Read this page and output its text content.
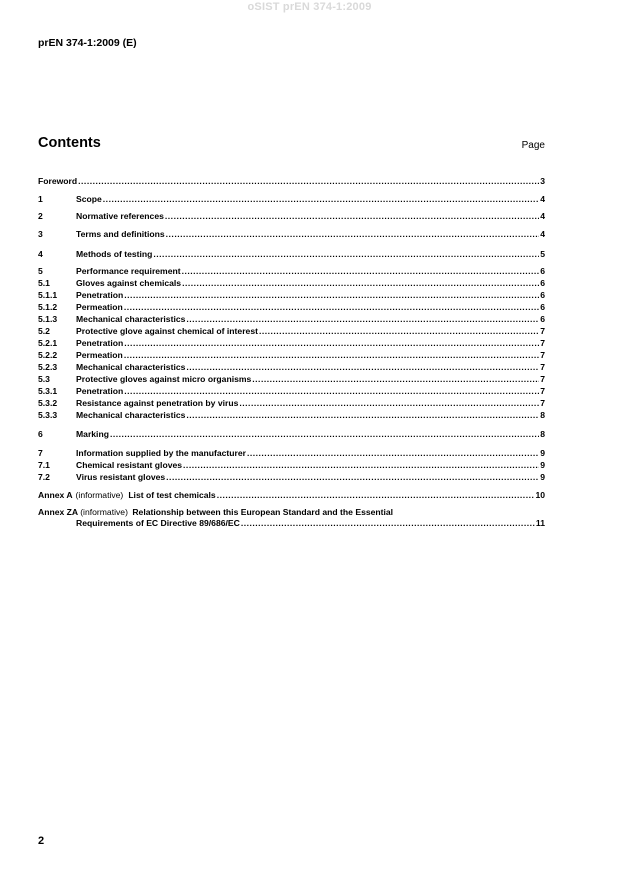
oSIST prEN 374-1:2009
prEN 374-1:2009 (E)
Contents	Page
Foreword .....	3
1	Scope .....	4
2	Normative references .....	4
3	Terms and definitions .....	4
4	Methods of testing .....	5
5	Performance requirement .....	6
5.1	Gloves against chemicals .....	6
5.1.1	Penetration .....	6
5.1.2	Permeation .....	6
5.1.3	Mechanical characteristics .....	6
5.2	Protective glove against chemical of interest .....	7
5.2.1	Penetration .....	7
5.2.2	Permeation .....	7
5.2.3	Mechanical characteristics .....	7
5.3	Protective gloves against micro organisms .....	7
5.3.1	Penetration .....	7
5.3.2	Resistance against penetration by virus .....	7
5.3.3	Mechanical characteristics .....	8
6	Marking .....	8
7	Information supplied by the manufacturer .....	9
7.1	Chemical resistant gloves .....	9
7.2	Virus resistant gloves .....	9
Annex A (informative) List of test chemicals .....	10
Annex ZA (informative) Relationship between this European Standard and the Essential
Requirements of EC Directive 89/686/EC .....	11
2
